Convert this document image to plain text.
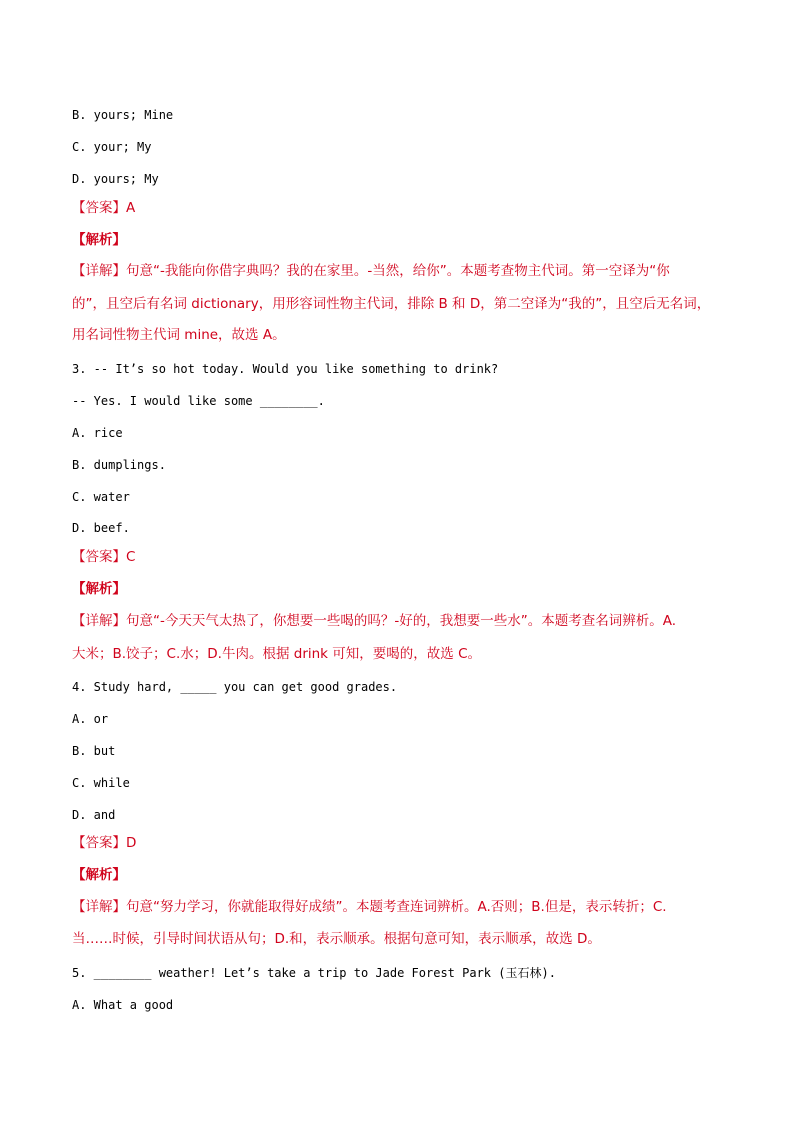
B. yours; Mine

C. your; My

D. yours; My

【答案】A

【解析】

【详解】句意“-我能向你借字典吗？我的在家里。-当然，给你”。本题考查物主代词。第一空译为“你

的”，且空后有名词 dictionary，用形容词性物主代词，排除 B 和 D，第二空译为“我的”，且空后无名词，

用名词性物主代词 mine，故选 A。

3. -- It’s so hot today. Would you like something to drink?

-- Yes. I would like some ________.

A. rice

B. dumplings.

C. water

D. beef.

【答案】C

【解析】

【详解】句意“-今天天气太热了，你想要一些喝的吗？-好的，我想要一些水”。本题考查名词辨析。A.

大米；B.饺子；C.水；D.牛肉。根据 drink 可知，要喝的，故选 C。

4. Study hard, _____ you can get good grades.

A. or

B. but

C. while

D. and

【答案】D

【解析】

【详解】句意“努力学习，你就能取得好成绩”。本题考查连词辨析。A.否则；B.但是，表示转折；C.

当……时候，引导时间状语从句；D.和，表示顺承。根据句意可知，表示顺承，故选 D。

5. ________ weather! Let’s take a trip to Jade Forest Park (玉石林).

A. What a good
